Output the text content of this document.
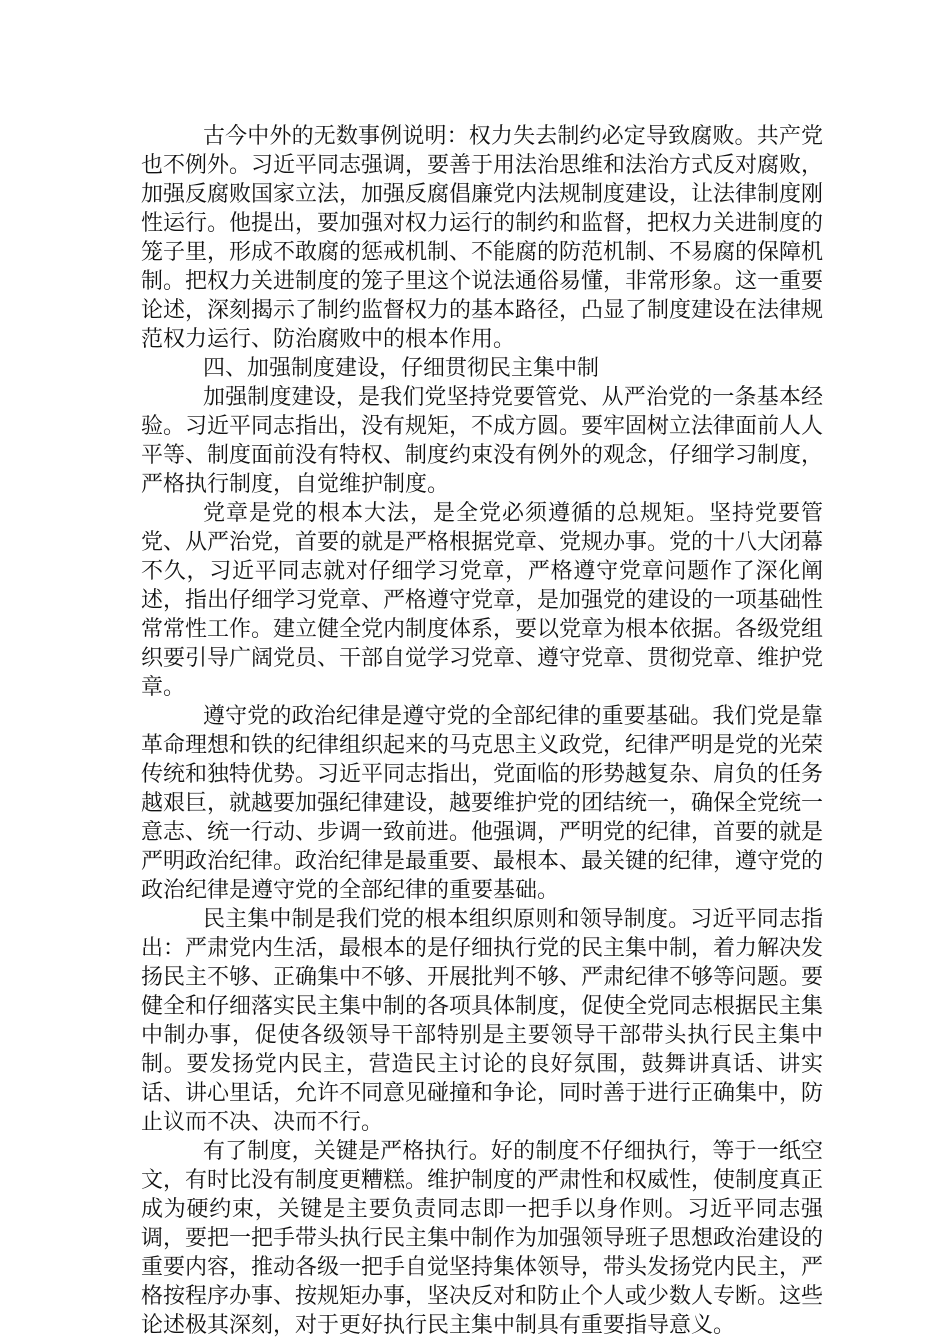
古今中外的无数事例说明：权力失去制约必定导致腐败。共产党也不例外。习近平同志强调，要善于用法治思维和法治方式反对腐败，加强反腐败国家立法，加强反腐倡廉党内法规制度建设，让法律制度刚性运行。他提出，要加强对权力运行的制约和监督，把权力关进制度的笼子里，形成不敢腐的惩戒机制、不能腐的防范机制、不易腐的保障机制。把权力关进制度的笼子里这个说法通俗易懂，非常形象。这一重要论述，深刻揭示了制约监督权力的基本路径，凸显了制度建设在法律规范权力运行、防治腐败中的根本作用。

四、加强制度建设，仔细贯彻民主集中制

加强制度建设，是我们党坚持党要管党、从严治党的一条基本经验。习近平同志指出，没有规矩，不成方圆。要牢固树立法律面前人人平等、制度面前没有特权、制度约束没有例外的观念，仔细学习制度，严格执行制度，自觉维护制度。

党章是党的根本大法，是全党必须遵循的总规矩。坚持党要管党、从严治党，首要的就是严格根据党章、党规办事。党的十八大闭幕不久，习近平同志就对仔细学习党章，严格遵守党章问题作了深化阐述，指出仔细学习党章、严格遵守党章，是加强党的建设的一项基础性常常性工作。建立健全党内制度体系，要以党章为根本依据。各级党组织要引导广阔党员、干部自觉学习党章、遵守党章、贯彻党章、维护党章。

遵守党的政治纪律是遵守党的全部纪律的重要基础。我们党是靠革命理想和铁的纪律组织起来的马克思主义政党，纪律严明是党的光荣传统和独特优势。习近平同志指出，党面临的形势越复杂、肩负的任务越艰巨，就越要加强纪律建设，越要维护党的团结统一，确保全党统一意志、统一行动、步调一致前进。他强调，严明党的纪律，首要的就是严明政治纪律。政治纪律是最重要、最根本、最关键的纪律，遵守党的政治纪律是遵守党的全部纪律的重要基础。

民主集中制是我们党的根本组织原则和领导制度。习近平同志指出：严肃党内生活，最根本的是仔细执行党的民主集中制，着力解决发扬民主不够、正确集中不够、开展批判不够、严肃纪律不够等问题。要健全和仔细落实民主集中制的各项具体制度，促使全党同志根据民主集中制办事，促使各级领导干部特别是主要领导干部带头执行民主集中制。要发扬党内民主，营造民主讨论的良好氛围，鼓舞讲真话、讲实话、讲心里话，允许不同意见碰撞和争论，同时善于进行正确集中，防止议而不决、决而不行。

有了制度，关键是严格执行。好的制度不仔细执行，等于一纸空文，有时比没有制度更糟糕。维护制度的严肃性和权威性，使制度真正成为硬约束，关键是主要负责同志即一把手以身作则。习近平同志强调，要把一把手带头执行民主集中制作为加强领导班子思想政治建设的重要内容，推动各级一把手自觉坚持集体领导，带头发扬党内民主，严格按程序办事、按规矩办事，坚决反对和防止个人或少数人专断。这些论述极其深刻，对于更好执行民主集中制具有重要指导意义。
